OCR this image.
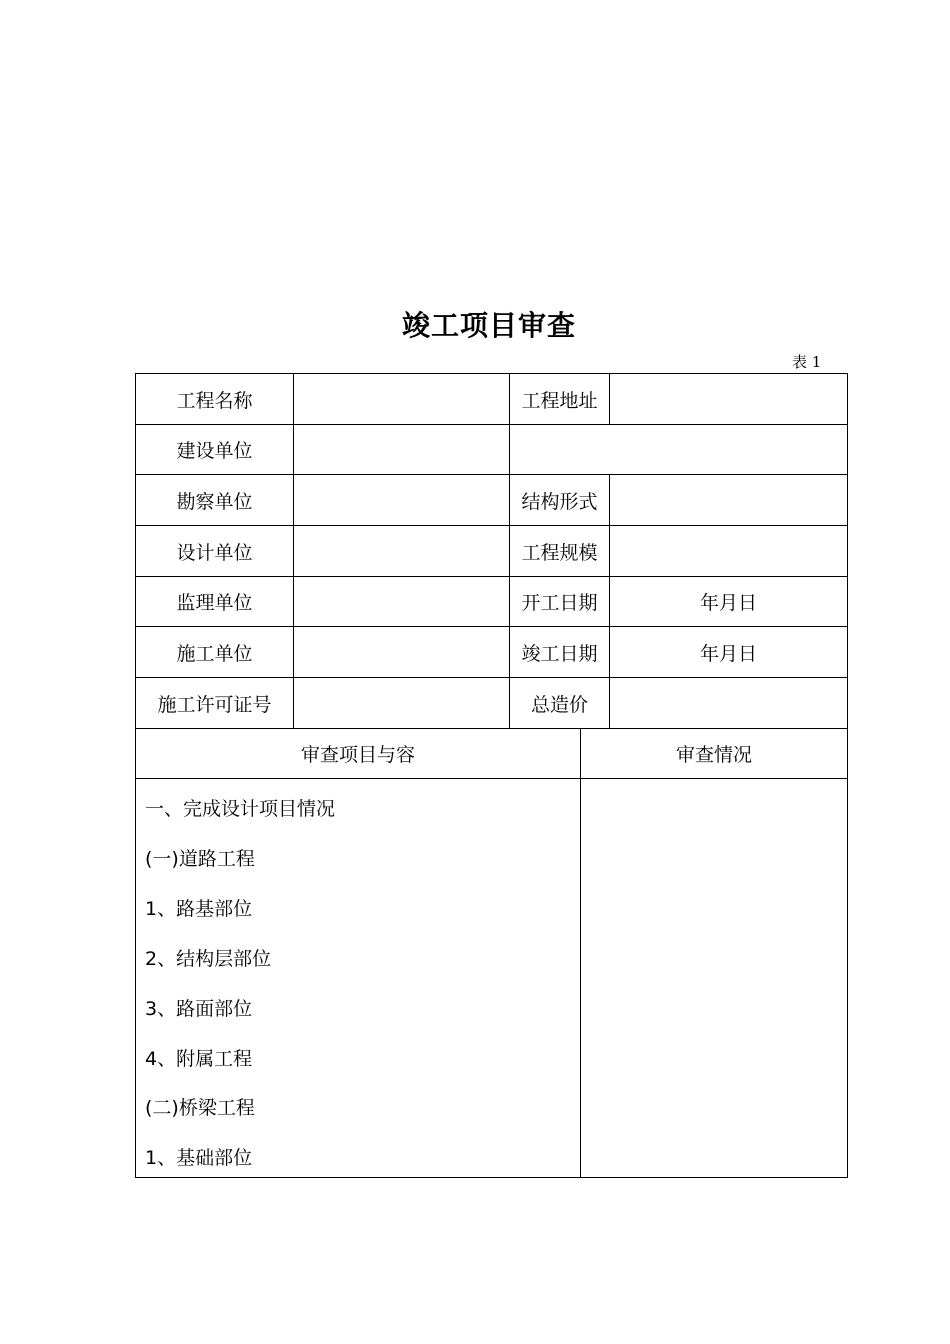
竣工项目审查
表 1
工程名称	工程地址
建设单位
勘察单位	结构形式
设计单位	工程规模
监理单位	开工日期	年月日
施工单位	竣工日期	年月日
施工许可证号	总造价
审查项目与容	审查情况
一、完成设计项目情况
(一)道路工程
1、路基部位
2、结构层部位
3、路面部位
4、附属工程
(二)桥梁工程
1、基础部位
